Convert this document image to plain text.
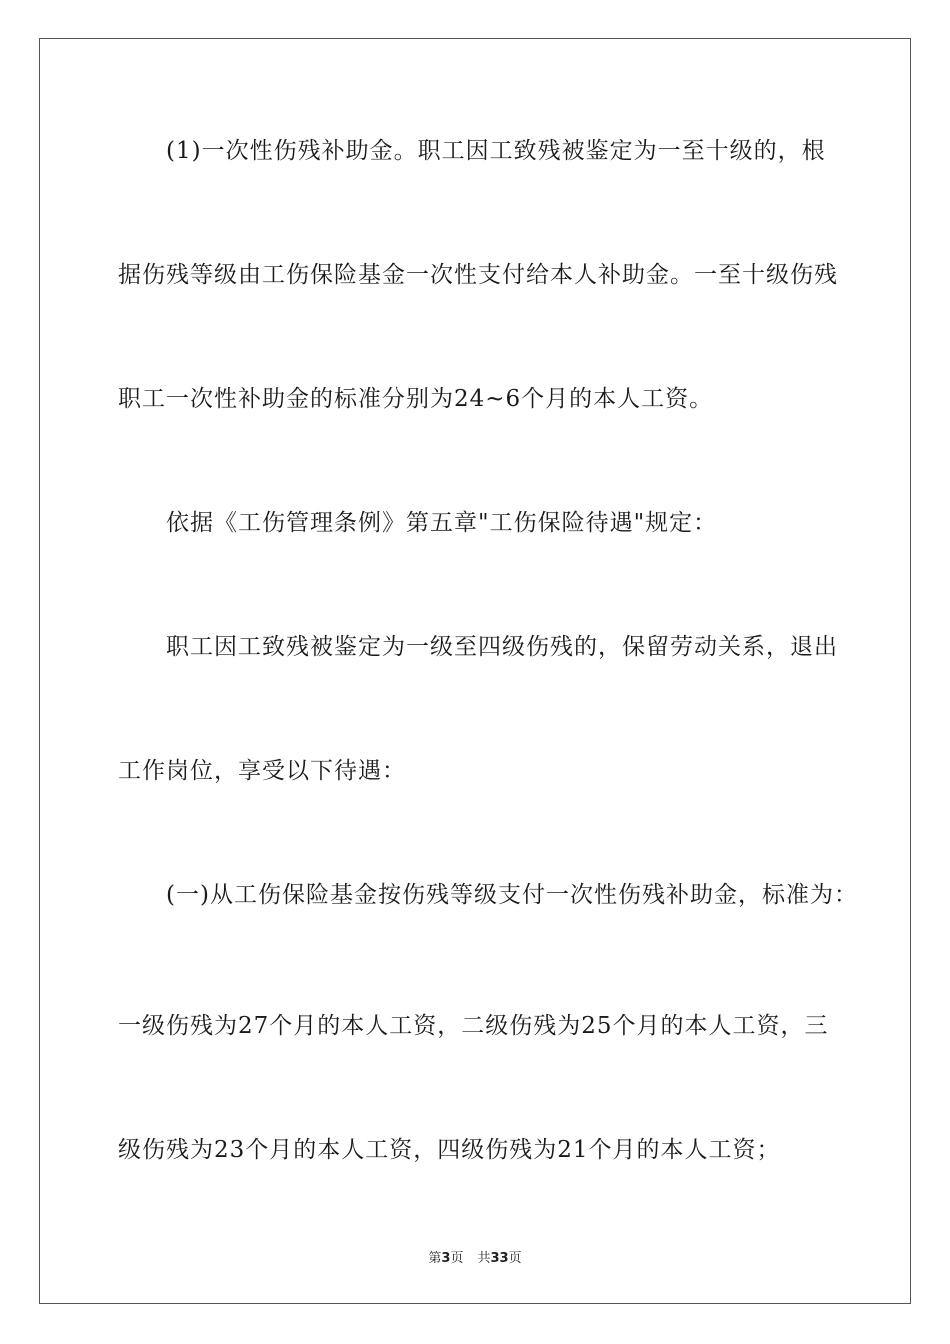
(1)一次性伤残补助金。职工因工致残被鉴定为一至十级的，根
据伤残等级由工伤保险基金一次性支付给本人补助金。一至十级伤残
职工一次性补助金的标准分别为24~6个月的本人工资。
依据《工伤管理条例》第五章"工伤保险待遇"规定：
职工因工致残被鉴定为一级至四级伤残的，保留劳动关系，退出
工作岗位，享受以下待遇：
(一)从工伤保险基金按伤残等级支付一次性伤残补助金，标准为：
一级伤残为27个月的本人工资，二级伤残为25个月的本人工资，三
级伤残为23个月的本人工资，四级伤残为21个月的本人工资；
第3页 共33页
